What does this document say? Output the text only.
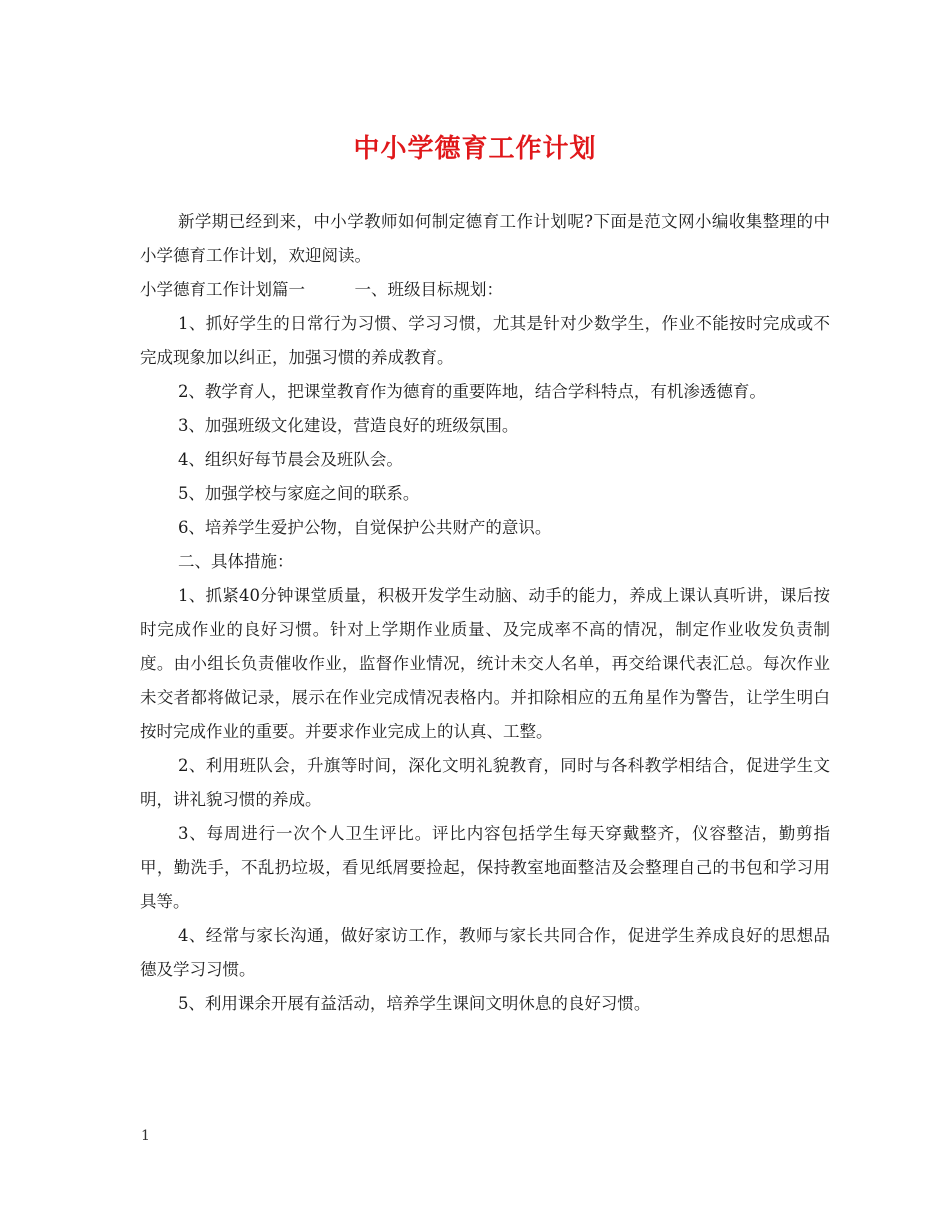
中小学德育工作计划

新学期已经到来，中小学教师如何制定德育工作计划呢?下面是范文网小编收集整理的中小学德育工作计划，欢迎阅读。

小学德育工作计划篇一　　　一、班级目标规划：

1、抓好学生的日常行为习惯、学习习惯，尤其是针对少数学生，作业不能按时完成或不完成现象加以纠正，加强习惯的养成教育。

2、教学育人，把课堂教育作为德育的重要阵地，结合学科特点，有机渗透德育。

3、加强班级文化建设，营造良好的班级氛围。

4、组织好每节晨会及班队会。

5、加强学校与家庭之间的联系。

6、培养学生爱护公物，自觉保护公共财产的意识。

二、具体措施：

1、抓紧40分钟课堂质量，积极开发学生动脑、动手的能力，养成上课认真听讲，课后按时完成作业的良好习惯。针对上学期作业质量、及完成率不高的情况，制定作业收发负责制度。由小组长负责催收作业，监督作业情况，统计未交人名单，再交给课代表汇总。每次作业未交者都将做记录，展示在作业完成情况表格内。并扣除相应的五角星作为警告，让学生明白按时完成作业的重要。并要求作业完成上的认真、工整。

2、利用班队会，升旗等时间，深化文明礼貌教育，同时与各科教学相结合，促进学生文明，讲礼貌习惯的养成。

3、每周进行一次个人卫生评比。评比内容包括学生每天穿戴整齐，仪容整洁，勤剪指甲，勤洗手，不乱扔垃圾，看见纸屑要捡起，保持教室地面整洁及会整理自己的书包和学习用具等。

4、经常与家长沟通，做好家访工作，教师与家长共同合作，促进学生养成良好的思想品德及学习习惯。

5、利用课余开展有益活动，培养学生课间文明休息的良好习惯。

1
